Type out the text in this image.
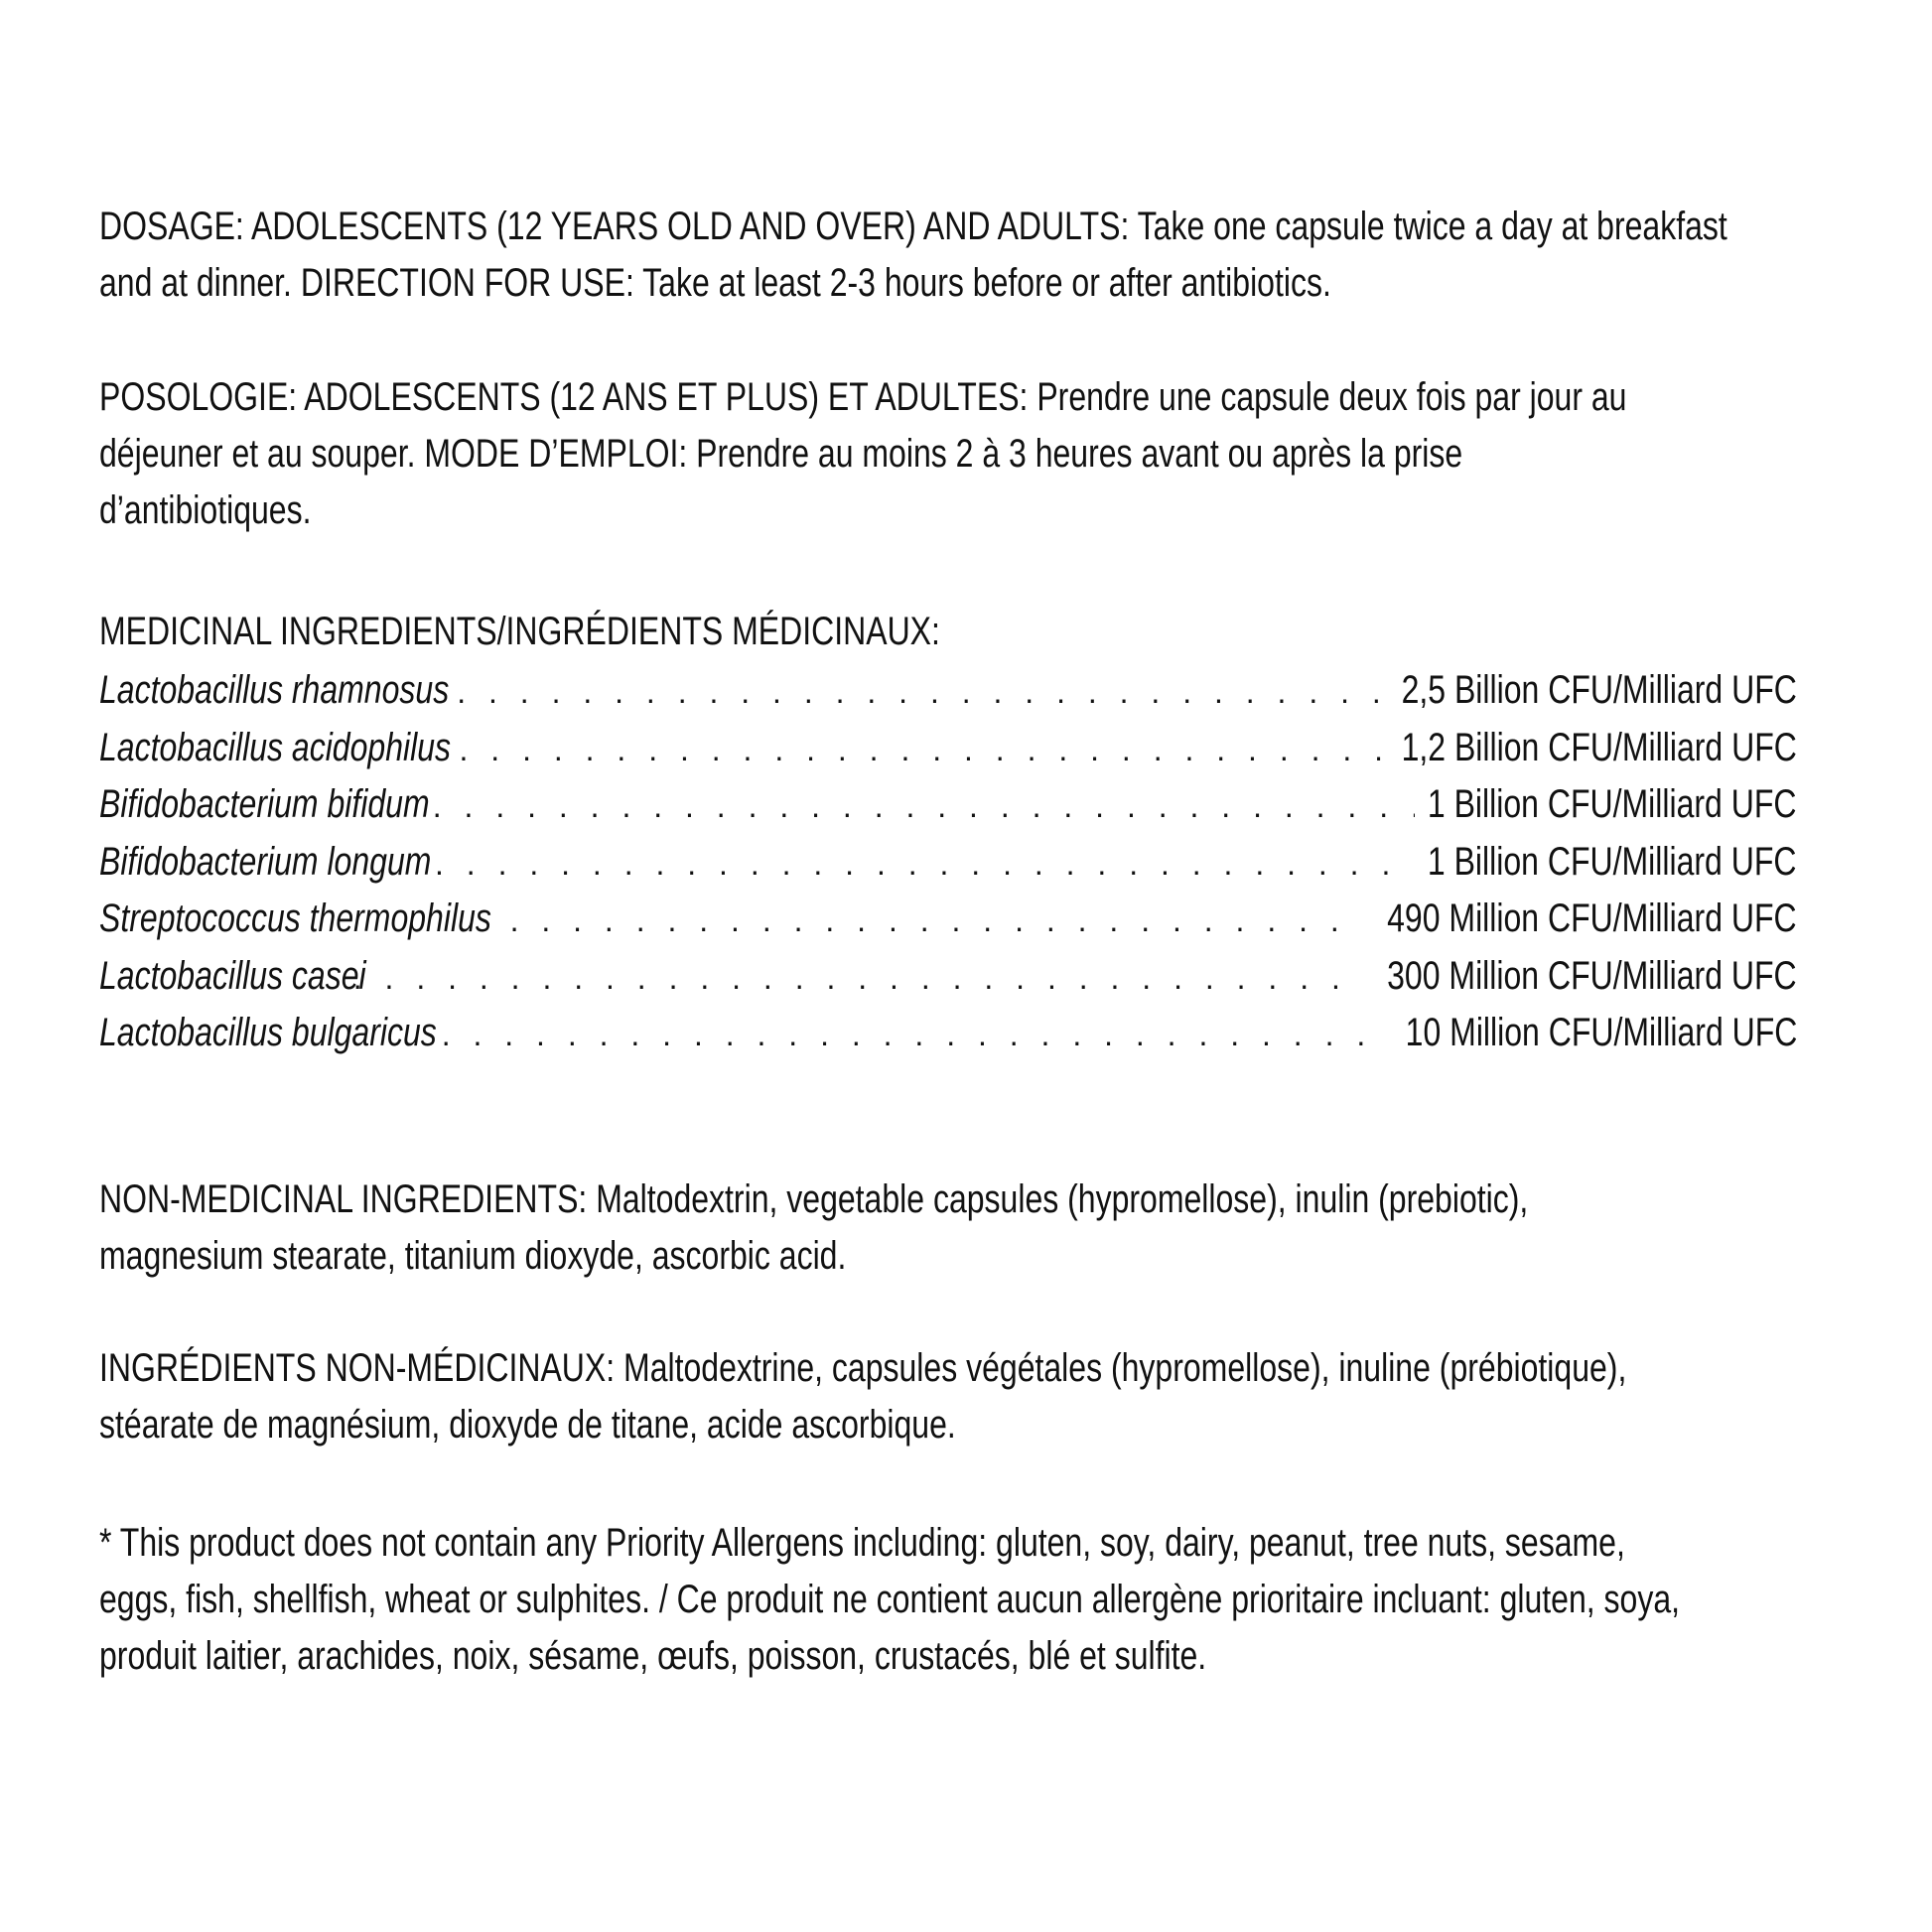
DOSAGE: ADOLESCENTS (12 YEARS OLD AND OVER) AND ADULTS: Take one capsule twice a day at breakfast

and at dinner. DIRECTION FOR USE: Take at least 2-3 hours before or after antibiotics.

POSOLOGIE: ADOLESCENTS (12 ANS ET PLUS) ET ADULTES: Prendre une capsule deux fois par jour au

déjeuner et au souper. MODE D’EMPLOI: Prendre au moins 2 à 3 heures avant ou après la prise

d’antibiotiques.

MEDICINAL INGREDIENTS/INGRÉDIENTS MÉDICINAUX:

Lactobacillus rhamnosus . . .	2,5 Billion CFU/Milliard UFC
Lactobacillus acidophilus . . .	1,2 Billion CFU/Milliard UFC
Bifidobacterium bifidum . . .	1 Billion CFU/Milliard UFC
Bifidobacterium longum . . .	1 Billion CFU/Milliard UFC
Streptococcus thermophilus . . .	490 Million CFU/Milliard UFC
Lactobacillus casei . . .	300 Million CFU/Milliard UFC
Lactobacillus bulgaricus . . .	10 Million CFU/Milliard UFC

NON-MEDICINAL INGREDIENTS: Maltodextrin, vegetable capsules (hypromellose), inulin (prebiotic),

magnesium stearate, titanium dioxyde, ascorbic acid.

INGRÉDIENTS NON-MÉDICINAUX: Maltodextrine, capsules végétales (hypromellose), inuline (prébiotique),

stéarate de magnésium, dioxyde de titane, acide ascorbique.

* This product does not contain any Priority Allergens including: gluten, soy, dairy, peanut, tree nuts, sesame,

eggs, fish, shellfish, wheat or sulphites. / Ce produit ne contient aucun allergène prioritaire incluant: gluten, soya,

produit laitier, arachides, noix, sésame, œufs, poisson, crustacés, blé et sulfite.
